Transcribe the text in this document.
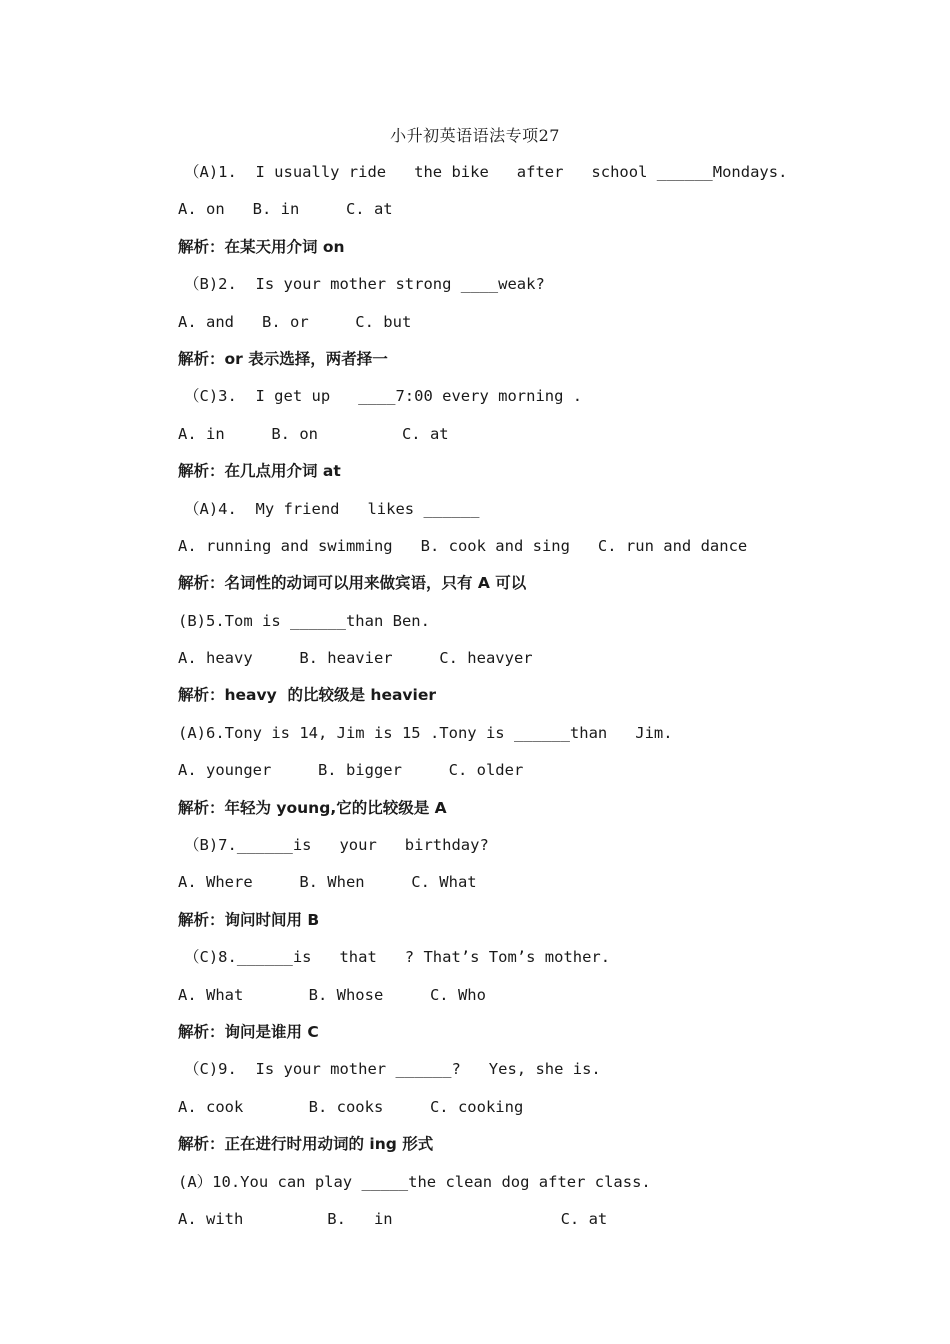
小升初英语语法专项27
（A)1.  I usually ride   the bike   after   school ______Mondays.
A. on   B. in     C. at
解析：在某天用介词 on
（B)2.  Is your mother strong ____weak?
A. and   B. or     C. but
解析：or 表示选择，两者择一
（C)3.  I get up   ____7:00 every morning .
A. in     B. on         C. at
解析：在几点用介词 at
（A)4.  My friend   likes ______
A. running and swimming   B. cook and sing   C. run and dance
解析：名词性的动词可以用来做宾语，只有 A 可以
(B)5.Tom is ______than Ben.
A. heavy     B. heavier     C. heavyer
解析：heavy  的比较级是 heavier
(A)6.Tony is 14, Jim is 15 .Tony is ______than   Jim.
A. younger     B. bigger     C. older
解析：年轻为 young,它的比较级是 A
（B)7.______is   your   birthday?
A. Where     B. When     C. What
解析：询问时间用 B
（C)8.______is   that   ? That’s Tom’s mother.
A. What       B. Whose     C. Who
解析：询问是谁用 C
（C)9.  Is your mother ______?   Yes, she is.
A. cook       B. cooks     C. cooking
解析：正在进行时用动词的 ing 形式
(A）10.You can play _____the clean dog after class.
A. with         B.   in                  C. at
